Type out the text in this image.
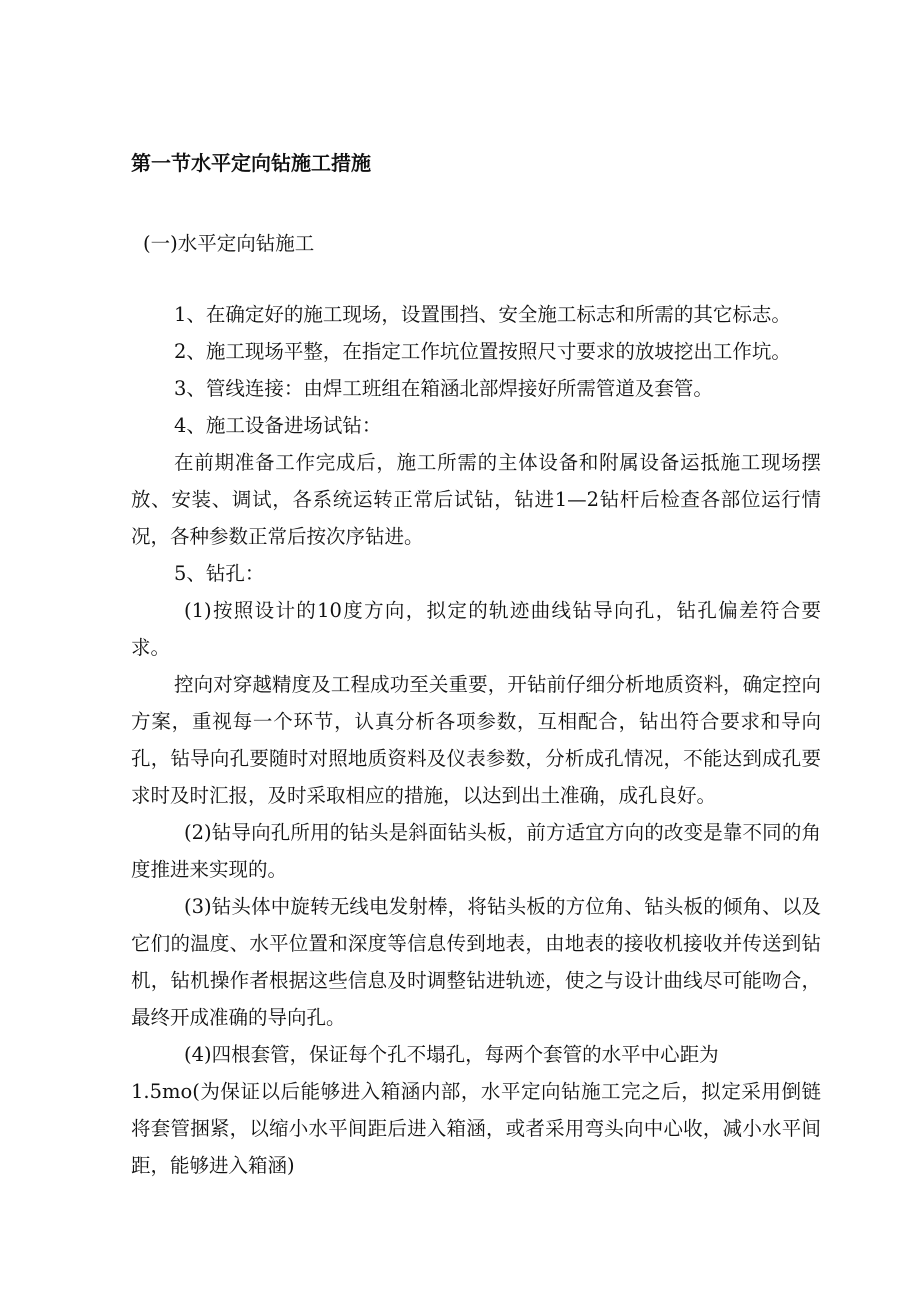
第一节水平定向钻施工措施
(一)水平定向钻施工

1、在确定好的施工现场，设置围挡、安全施工标志和所需的其它标志。

2、施工现场平整，在指定工作坑位置按照尺寸要求的放坡挖出工作坑。

3、管线连接：由焊工班组在箱涵北部焊接好所需管道及套管。

4、施工设备进场试钻：

在前期准备工作完成后，施工所需的主体设备和附属设备运抵施工现场摆放、安装、调试，各系统运转正常后试钻，钻进1—2钻杆后检查各部位运行情况，各种参数正常后按次序钻进。

5、钻孔：

(1)按照设计的10度方向，拟定的轨迹曲线钻导向孔，钻孔偏差符合要求。

控向对穿越精度及工程成功至关重要，开钻前仔细分析地质资料，确定控向方案，重视每一个环节，认真分析各项参数，互相配合，钻出符合要求和导向孔，钻导向孔要随时对照地质资料及仪表参数，分析成孔情况，不能达到成孔要求时及时汇报，及时采取相应的措施，以达到出土准确，成孔良好。

(2)钻导向孔所用的钻头是斜面钻头板，前方适宜方向的改变是靠不同的角度推进来实现的。

(3)钻头体中旋转无线电发射棒，将钻头板的方位角、钻头板的倾角、以及它们的温度、水平位置和深度等信息传到地表，由地表的接收机接收并传送到钻机，钻机操作者根据这些信息及时调整钻进轨迹，使之与设计曲线尽可能吻合，最终开成准确的导向孔。

(4)四根套管，保证每个孔不塌孔，每两个套管的水平中心距为

1.5mo(为保证以后能够进入箱涵内部，水平定向钻施工完之后，拟定采用倒链将套管捆紧，以缩小水平间距后进入箱涵，或者采用弯头向中心收，减小水平间距，能够进入箱涵)
